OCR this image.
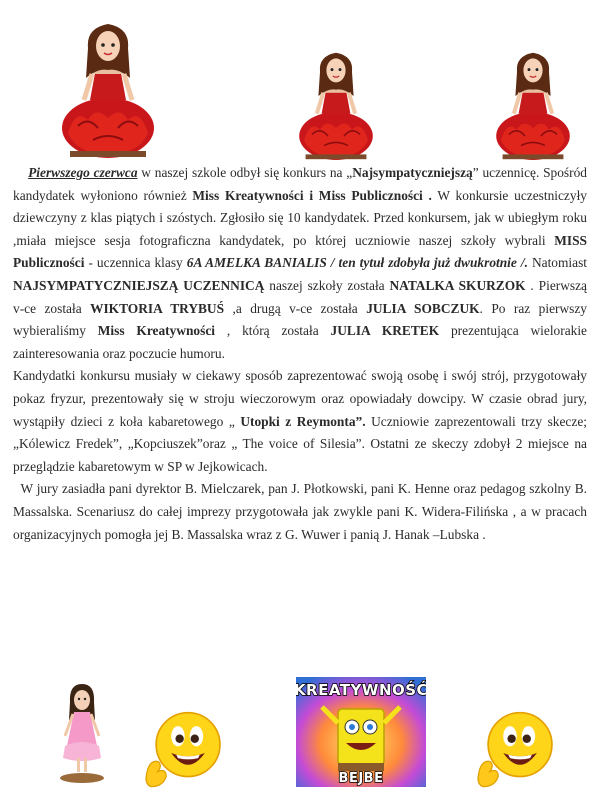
Pierwszego czerwca w naszej szkole odbył się konkurs na „Najsympatyczniejszą” uczennicę. Spośród kandydatek wyłoniono również Miss Kreatywności i Miss Publiczności . W konkursie uczestniczyły dziewczyny z klas piątych i szóstych. Zgłosiło się 10 kandydatek. Przed konkursem, jak w ubiegłym roku ,miała miejsce sesja fotograficzna kandydatek, po której uczniowie naszej szkoły wybrali MISS Publiczności - uczennica klasy 6A AMELKA BANIALIS / ten tytuł zdobyła już dwukrotnie /. Natomiast NAJSYMPATYCZNIEJSZĄ UCZENNICĄ naszej szkoły została NATALKA SKURZOK . Pierwszą v-ce została WIKTORIA TRYBUŚ ,a drugą v-ce została JULIA SOBCZUK. Po raz pierwszy wybieraliśmy Miss Kreatywności , którą została JULIA KRETEK prezentująca wielorakie zainteresowania oraz poczucie humoru.

Kandydatki konkursu musiały w ciekawy sposób zaprezentować swoją osobę i swój strój, przygotowały pokaz fryzur, prezentowały się w stroju wieczorowym oraz opowiadały dowcipy. W czasie obrad jury, wystąpiły dzieci z koła kabaretowego „ Utopki z Reymonta”. Uczniowie zaprezentowali trzy skecze; „Kólewicz Fredek”, „Kopciuszek”oraz „ The voice of Silesia”. Ostatni ze skeczy zdobył 2 miejsce na przeglądzie kabaretowym w SP w Jejkowicach.

W jury zasiadła pani dyrektor B. Mielczarek, pan J. Płotkowski, pani K. Henne oraz pedagog szkolny B. Massalska. Scenariusz do całej imprezy przygotowała jak zwykle pani K. Widera-Filińska , a w pracach organizacyjnych pomogła jej B. Massalska wraz z G. Wuwer i panią J. Hanak –Lubska .

KREATYWNOŚĆ
BEJBE
